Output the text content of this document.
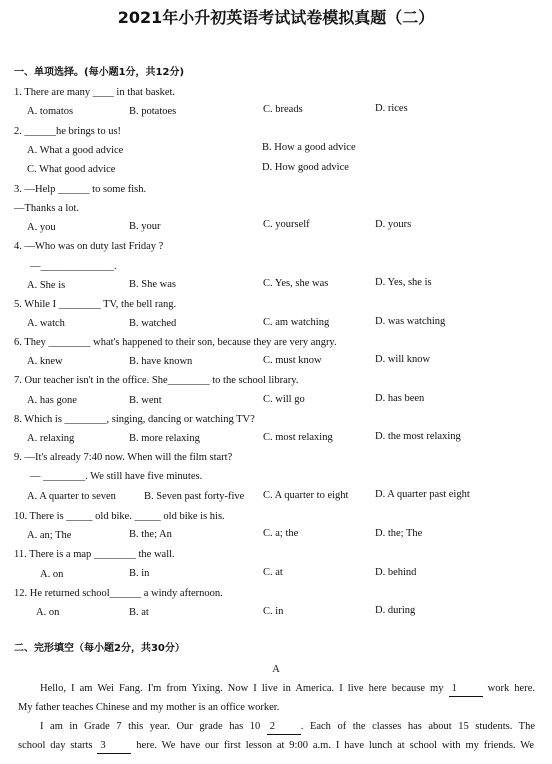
2021年小升初英语考试试卷模拟真题（二）
一、单项选择。(每小题1分，共12分)
1. There are many ____ in that basket.
A. tomatos	B. potatoes	C. breads	D. rices
2. ______he brings to us!
A. What a good advice	B. How a good advice
C. What good advice	D. How good advice
3. —Help ______ to some fish.
—Thanks a lot.
A. you	B. your	C. yourself	D. yours
4. —Who was on duty last Friday ?
—______________.
A. She is	B. She was	C. Yes, she was	D. Yes, she is
5. While I ________ TV, the bell rang.
A. watch	B. watched	C. am watching	D. was watching
6. They ________ what's happened to their son, because they are very angry.
A. knew	B. have known	C. must know	D. will know
7. Our teacher isn't in the office. She________ to the school library.
A. has gone	B. went	C. will go	D. has been
8. Which is ________, singing, dancing or watching TV?
A. relaxing	B. more relaxing	C. most relaxing	D. the most relaxing
9. —It's already 7:40 now. When will the film start?
— ________. We still have five minutes.
A. A quarter to seven	B. Seven past forty-five C. A quarter to eight	D. A quarter past eight
10. There is _____ old bike. _____ old bike is his.
A. an; The	B. the; An	C. a; the	D. the; The
11. There is a map ________ the wall.
A. on	B. in	C. at	D. behind
12. He returned school______ a windy afternoon.
A. on	B. at	C. in	D. during
二、完形填空（每小题2分，共30分）
A
Hello, I am Wei Fang. I'm from Yixing. Now I live in America. I live here because my 1 work here.
My father teaches Chinese and my mother is an office worker.
I am in Grade 7 this year. Our grade has 10 2 . Each of the classes has about 15 students. The
school day starts 3 here. We have our first lesson at 9:00 a.m. I have lunch at school with my friends. We
